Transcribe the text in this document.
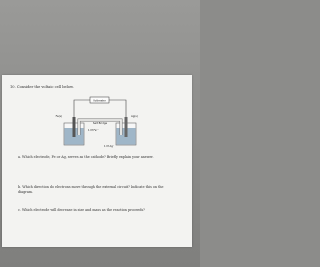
10. Consider the voltaic cell below.
Voltmeter
Fe(s)	Ag(s)
Salt Bridge
1 M Fe²⁺
1 M Ag⁺
a. Which electrode, Fe or Ag, serves as the cathode? Briefly explain your answer.
b. Which direction do electrons move through the external circuit? Indicate this on the diagram.
c. Which electrode will decrease in size and mass as the reaction proceeds?
